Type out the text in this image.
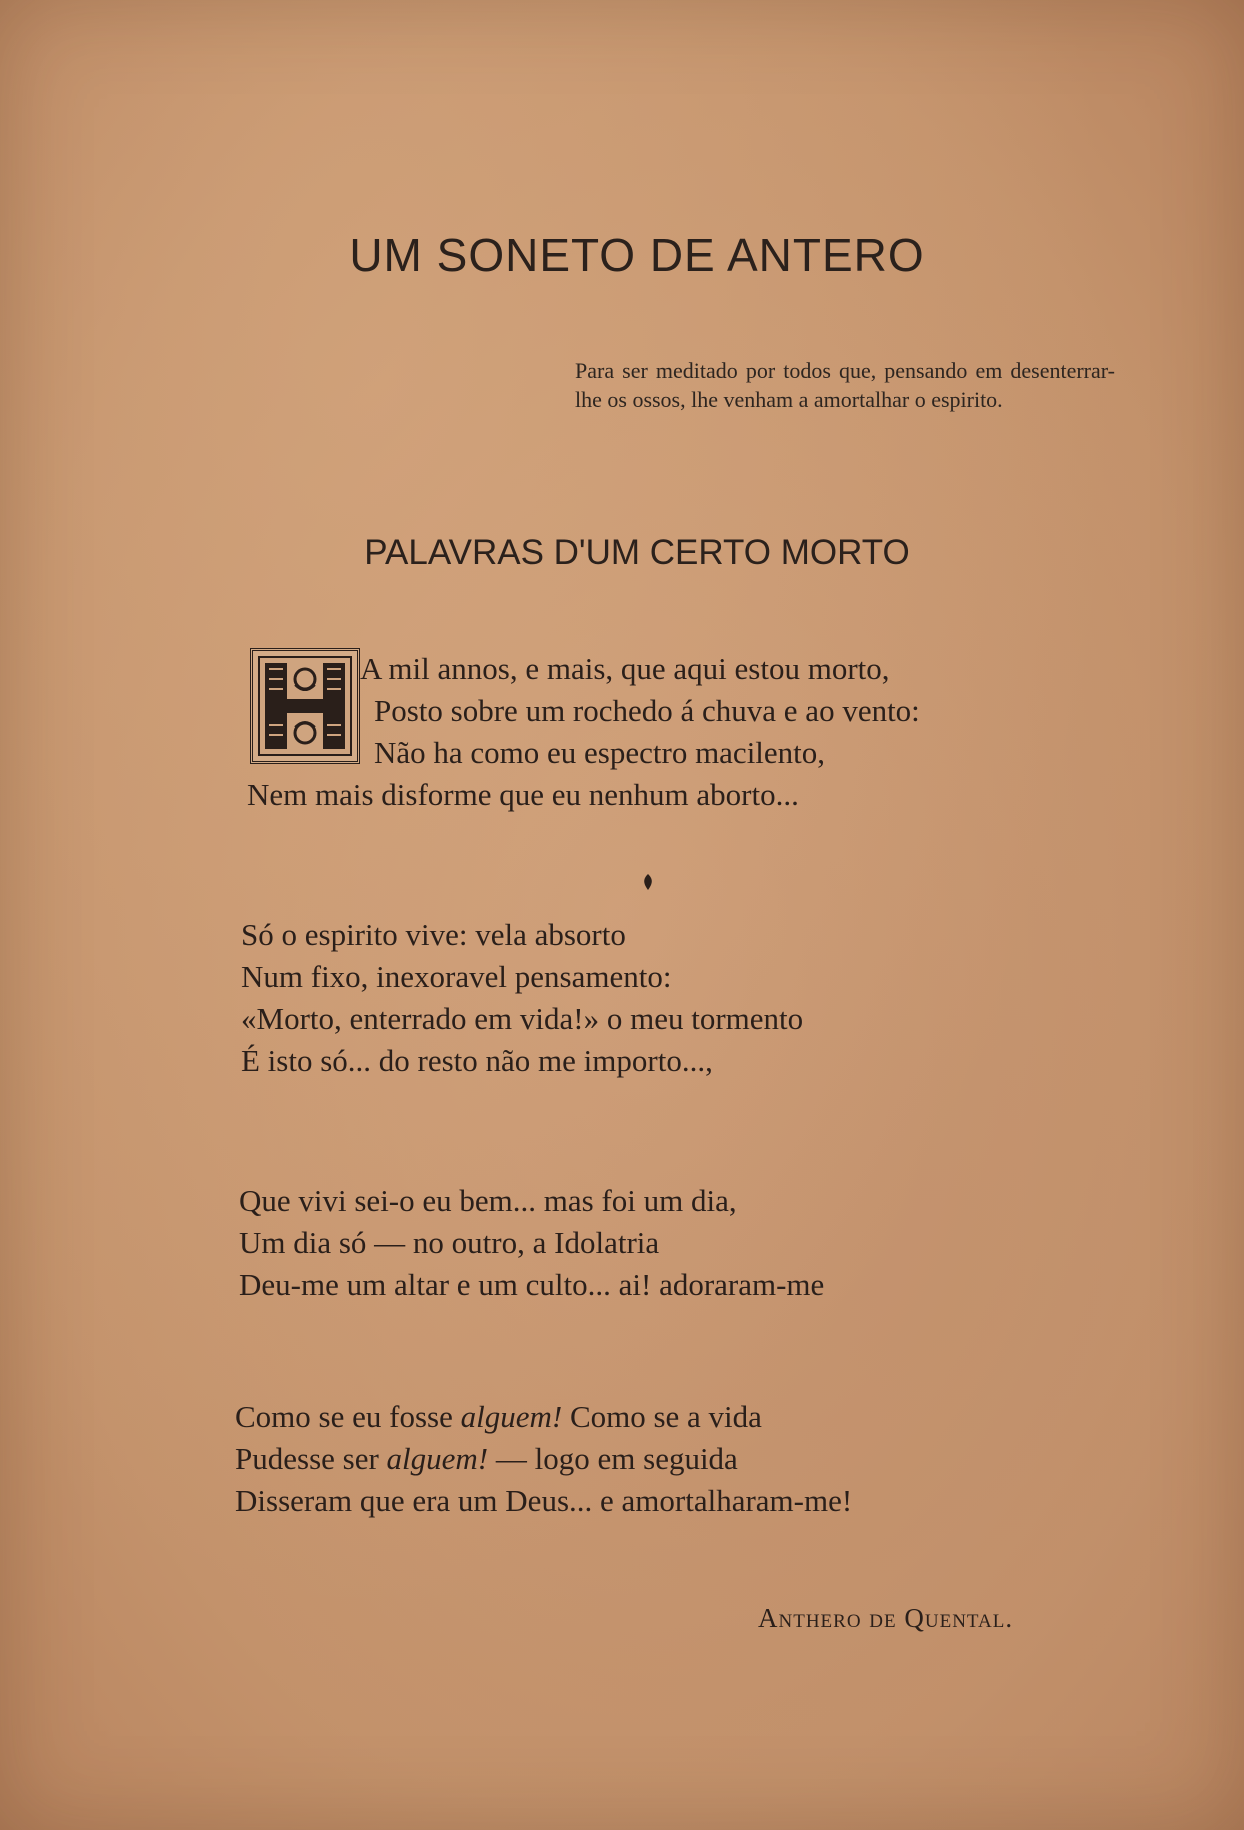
UM SONETO DE ANTERO
Para ser meditado por todos que, pensando em desenterrar-lhe os ossos, lhe venham a amortalhar o espirito.
PALAVRAS D'UM CERTO MORTO
A mil annos, e mais, que aqui estou morto,
Posto sobre um rochedo á chuva e ao vento:
Não ha como eu espectro macilento,
Nem mais disforme que eu nenhum aborto...
Só o espirito vive: vela absorto
Num fixo, inexoravel pensamento:
«Morto, enterrado em vida!» o meu tormento
É isto só... do resto não me importo...,
Que vivi sei-o eu bem... mas foi um dia,
Um dia só — no outro, a Idolatria
Deu-me um altar e um culto... ai! adoraram-me
Como se eu fosse alguem! Como se a vida
Pudesse ser alguem! — logo em seguida
Disseram que era um Deus... e amortalharam-me!
Anthero de Quental.
